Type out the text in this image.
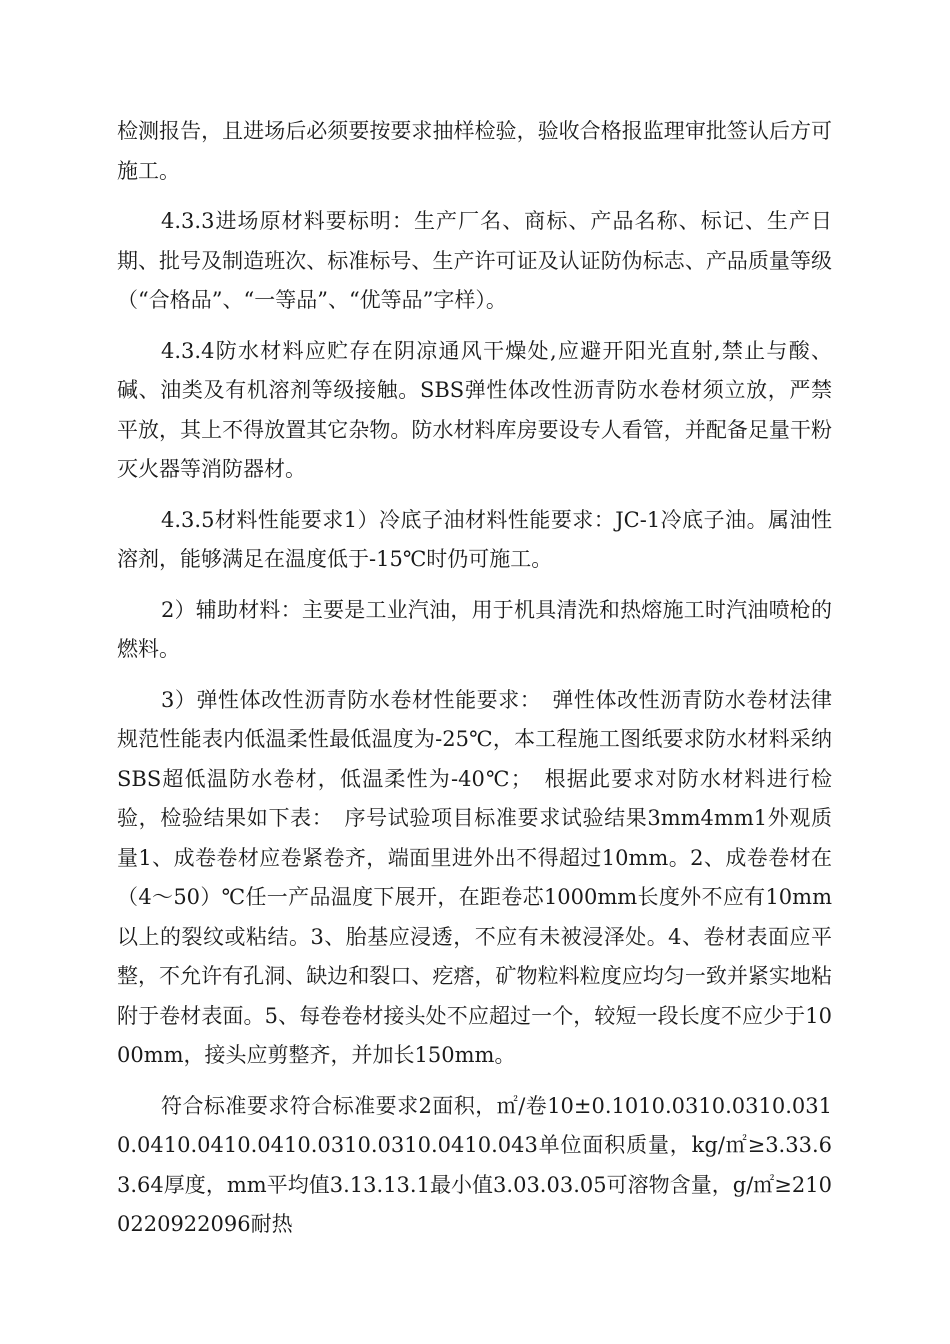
检测报告，且进场后必须要按要求抽样检验，验收合格报监理审批签认后方可施工。

4.3.3进场原材料要标明：生产厂名、商标、产品名称、标记、生产日期、批号及制造班次、标准标号、生产许可证及认证防伪标志、产品质量等级（“合格品”、“一等品”、“优等品”字样）。

4.3.4防水材料应贮存在阴凉通风干燥处,应避开阳光直射,禁止与酸、碱、油类及有机溶剂等级接触。SBS弹性体改性沥青防水卷材须立放，严禁平放，其上不得放置其它杂物。防水材料库房要设专人看管，并配备足量干粉灭火器等消防器材。

4.3.5材料性能要求1）冷底子油材料性能要求：JC-1冷底子油。属油性溶剂，能够满足在温度低于-15℃时仍可施工。

2）辅助材料：主要是工业汽油，用于机具清洗和热熔施工时汽油喷枪的燃料。

3）弹性体改性沥青防水卷材性能要求：　弹性体改性沥青防水卷材法律规范性能表内低温柔性最低温度为-25℃，本工程施工图纸要求防水材料采纳SBS超低温防水卷材，低温柔性为-40℃；　根据此要求对防水材料进行检验，检验结果如下表：　序号试验项目标准要求试验结果3mm4mm1外观质量1、成卷卷材应卷紧卷齐，端面里进外出不得超过10mm。2、成卷卷材在（4～50）℃任一产品温度下展开，在距卷芯1000mm长度外不应有10mm以上的裂纹或粘结。3、胎基应浸透，不应有未被浸泽处。4、卷材表面应平整，不允许有孔洞、缺边和裂口、疙瘩，矿物粒料粒度应均匀一致并紧实地粘附于卷材表面。5、每卷卷材接头处不应超过一个，较短一段长度不应少于1000mm，接头应剪整齐，并加长150mm。

符合标准要求符合标准要求2面积，㎡/卷10±0.1010.0310.0310.0310.0410.0410.0410.0310.0310.0410.043单位面积质量，kg/㎡≥3.33.63.64厚度，mm平均值3.13.13.1最小值3.03.03.05可溶物含量，g/㎡≥2100220922096耐热
